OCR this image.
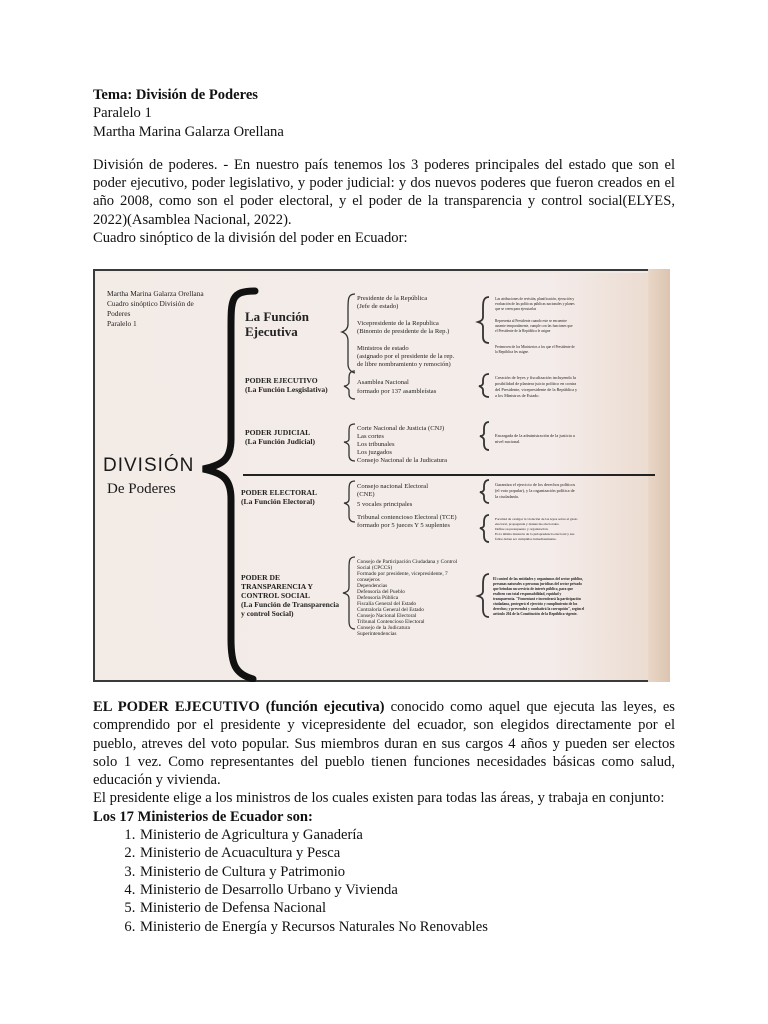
Tema: División de Poderes

Paralelo 1

Martha Marina Galarza Orellana

División de poderes. - En nuestro país tenemos los 3 poderes principales del estado que son el poder ejecutivo, poder legislativo, y poder judicial: y dos nuevos poderes que fueron creados en el año 2008, como son el poder electoral, y el poder de la transparencia y control social(ELYES, 2022)(Asamblea Nacional, 2022).

Cuadro sinóptico de la división del poder en Ecuador:

Martha Marina Galarza Orellana
Cuadro sinóptico División de
Poderes
Paralelo 1
DIVISIÓN
De Poderes
La Función
Ejecutiva
Presidente de la República
(Jefe de estado)
Vicepresidente de la Republica
(Binomio de presidente de la Rep.)
Ministros de estado
(asignado por el presidente de la rep.
de libre nombramiento y remoción)
Las atribuciones de revisión, planificación, ejecución y
evaluación de las políticas públicas nacionales y planes
que se creen para ejecutarlas
Representa al Presidente cuando este se encuentre
ausente temporalmente, cumple con las funciones que
el Presidente de la República le asigne
Pertenecen de los Ministerios a los que el Presidente de
la República les asigne.
PODER EJECUTIVO
(La Función Lesgislativa)
Asamblea Nacional
formado por 137 asambleístas
Creación de leyes y fiscalización incluyendo la
posibilidad de plantear juicio político en contra
del Presidente, vicepresidente de la República y
a los Ministros de Estado.
PODER JUDICIAL
(La Función Judicial)
Corte Nacional de Justicia (CNJ)
Las cortes
Los tribunales
Los juzgados
Consejo Nacional de la Judicatura
Encargada de la administración de la justicia a
nivel nacional.
PODER ELECTORAL
(La Función Electoral)
Consejo nacional Electoral
(CNE)
5 vocales principales
Tribunal contencioso Electoral (TCE)
formado por 5 jueces Y 5 suplentes
Garantiza el ejercicio de los derechos políticos
(el voto popular), y la organización política de
la ciudadanía.
Facultad de castigar la violación de las leyes sobre el gasto
electoral, propaganda y denuncias electorales.
Define su presupuesto y organización.
Es la última instancia de la jurisprudencia electoral y sus
fallos deben ser cumplidos inmediatamente.
PODER DE
TRANSPARENCIA Y
CONTROL SOCIAL
(La Función de Transparencia
y control Social)
Consejo de Participación Ciudadana y Control
Social (CPCCS)
Formado por presidente, vicepresidente, 7
consejeros
Dependencias
Defensoría del Pueblo
Defensoría Pública
Fiscalía General del Estado
Contraloría General del Estado
Consejo Nacional Electoral
Tribunal Contencioso Electoral
Consejo de la Judicatura
Superintendencias
El control de las entidades y organismos del sector público,
personas naturales o personas jurídicas del sector privado
que brindan un servicio de interés público, para que
realicen con total responsabilidad, equidad y
transparencia. "Fomentará e incentivará la participación
ciudadana, protegerá el ejercicio y cumplimiento de los
derechos; y prevendrá y combatirá la corrupción", según el
artículo 204 de la Constitución de la República vigente.

EL PODER EJECUTIVO (función ejecutiva) conocido como aquel que ejecuta las leyes, es comprendido por el presidente y vicepresidente del ecuador, son elegidos directamente por el pueblo, atreves del voto popular. Sus miembros duran en sus cargos 4 años y pueden ser electos solo 1 vez. Como representantes del pueblo tienen funciones necesidades básicas como salud, educación y vivienda.

El presidente elige a los ministros de los cuales existen para todas las áreas, y trabaja en conjunto:

Los 17 Ministerios de Ecuador son:

1. Ministerio de Agricultura y Ganadería
2. Ministerio de Acuacultura y Pesca
3. Ministerio de Cultura y Patrimonio
4. Ministerio de Desarrollo Urbano y Vivienda
5. Ministerio de Defensa Nacional
6. Ministerio de Energía y Recursos Naturales No Renovables
